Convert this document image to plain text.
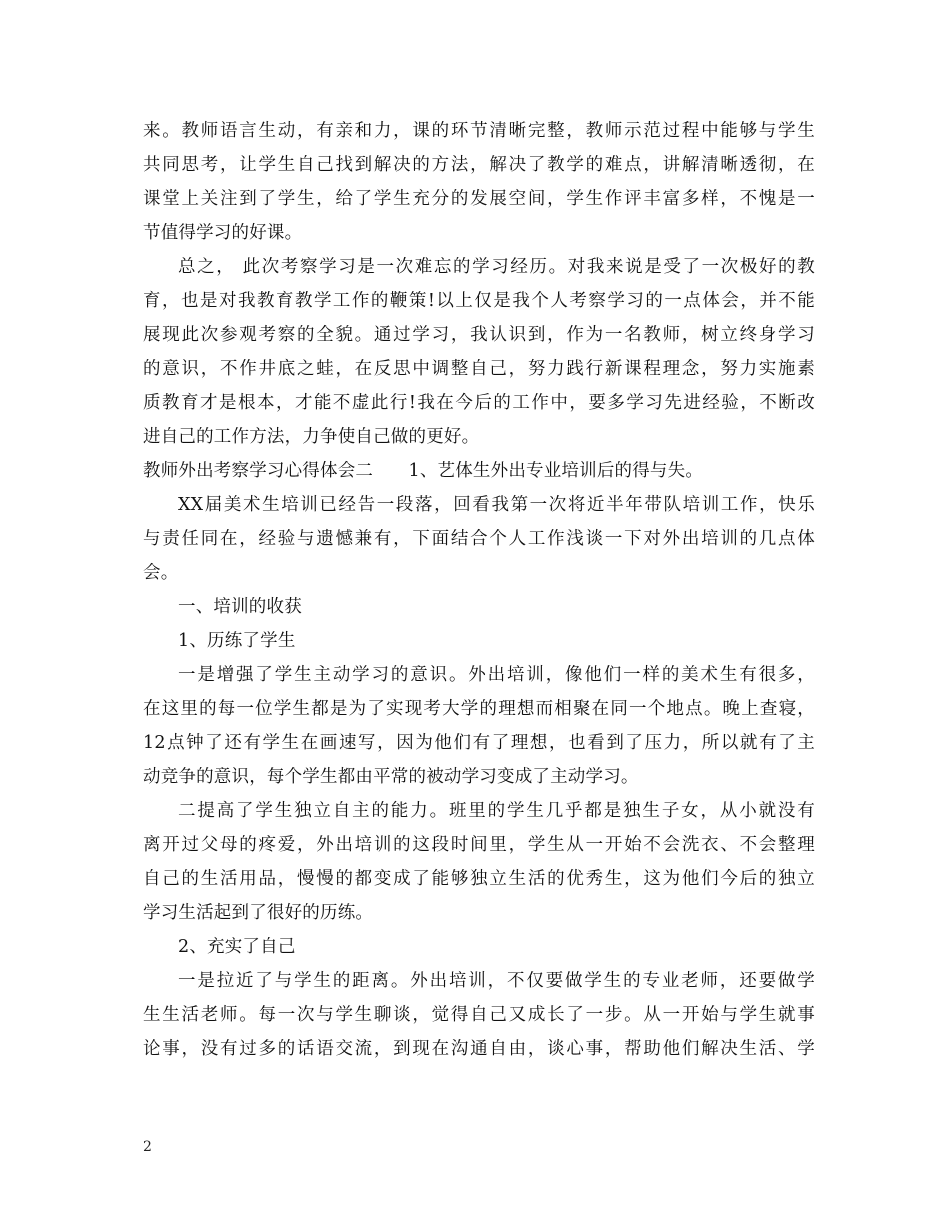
来。教师语言生动，有亲和力，课的环节清晰完整，教师示范过程中能够与学生
共同思考，让学生自己找到解决的方法，解决了教学的难点，讲解清晰透彻，在
课堂上关注到了学生，给了学生充分的发展空间，学生作评丰富多样，不愧是一
节值得学习的好课。
总之， 此次考察学习是一次难忘的学习经历。对我来说是受了一次极好的教
育，也是对我教育教学工作的鞭策!以上仅是我个人考察学习的一点体会，并不能
展现此次参观考察的全貌。通过学习，我认识到，作为一名教师，树立终身学习
的意识，不作井底之蛙，在反思中调整自己，努力践行新课程理念，努力实施素
质教育才是根本，才能不虚此行!我在今后的工作中，要多学习先进经验，不断改
进自己的工作方法，力争使自己做的更好。
教师外出考察学习心得体会二　　1、艺体生外出专业培训后的得与失。
XX届美术生培训已经告一段落，回看我第一次将近半年带队培训工作，快乐
与责任同在，经验与遗憾兼有，下面结合个人工作浅谈一下对外出培训的几点体
会。
一、培训的收获
1、历练了学生
一是增强了学生主动学习的意识。外出培训，像他们一样的美术生有很多，
在这里的每一位学生都是为了实现考大学的理想而相聚在同一个地点。晚上查寝，
12点钟了还有学生在画速写，因为他们有了理想，也看到了压力，所以就有了主
动竞争的意识，每个学生都由平常的被动学习变成了主动学习。
二提高了学生独立自主的能力。班里的学生几乎都是独生子女，从小就没有
离开过父母的疼爱，外出培训的这段时间里，学生从一开始不会洗衣、不会整理
自己的生活用品，慢慢的都变成了能够独立生活的优秀生，这为他们今后的独立
学习生活起到了很好的历练。
2、充实了自己
一是拉近了与学生的距离。外出培训，不仅要做学生的专业老师，还要做学
生生活老师。每一次与学生聊谈，觉得自己又成长了一步。从一开始与学生就事
论事，没有过多的话语交流，到现在沟通自由，谈心事，帮助他们解决生活、学
2
